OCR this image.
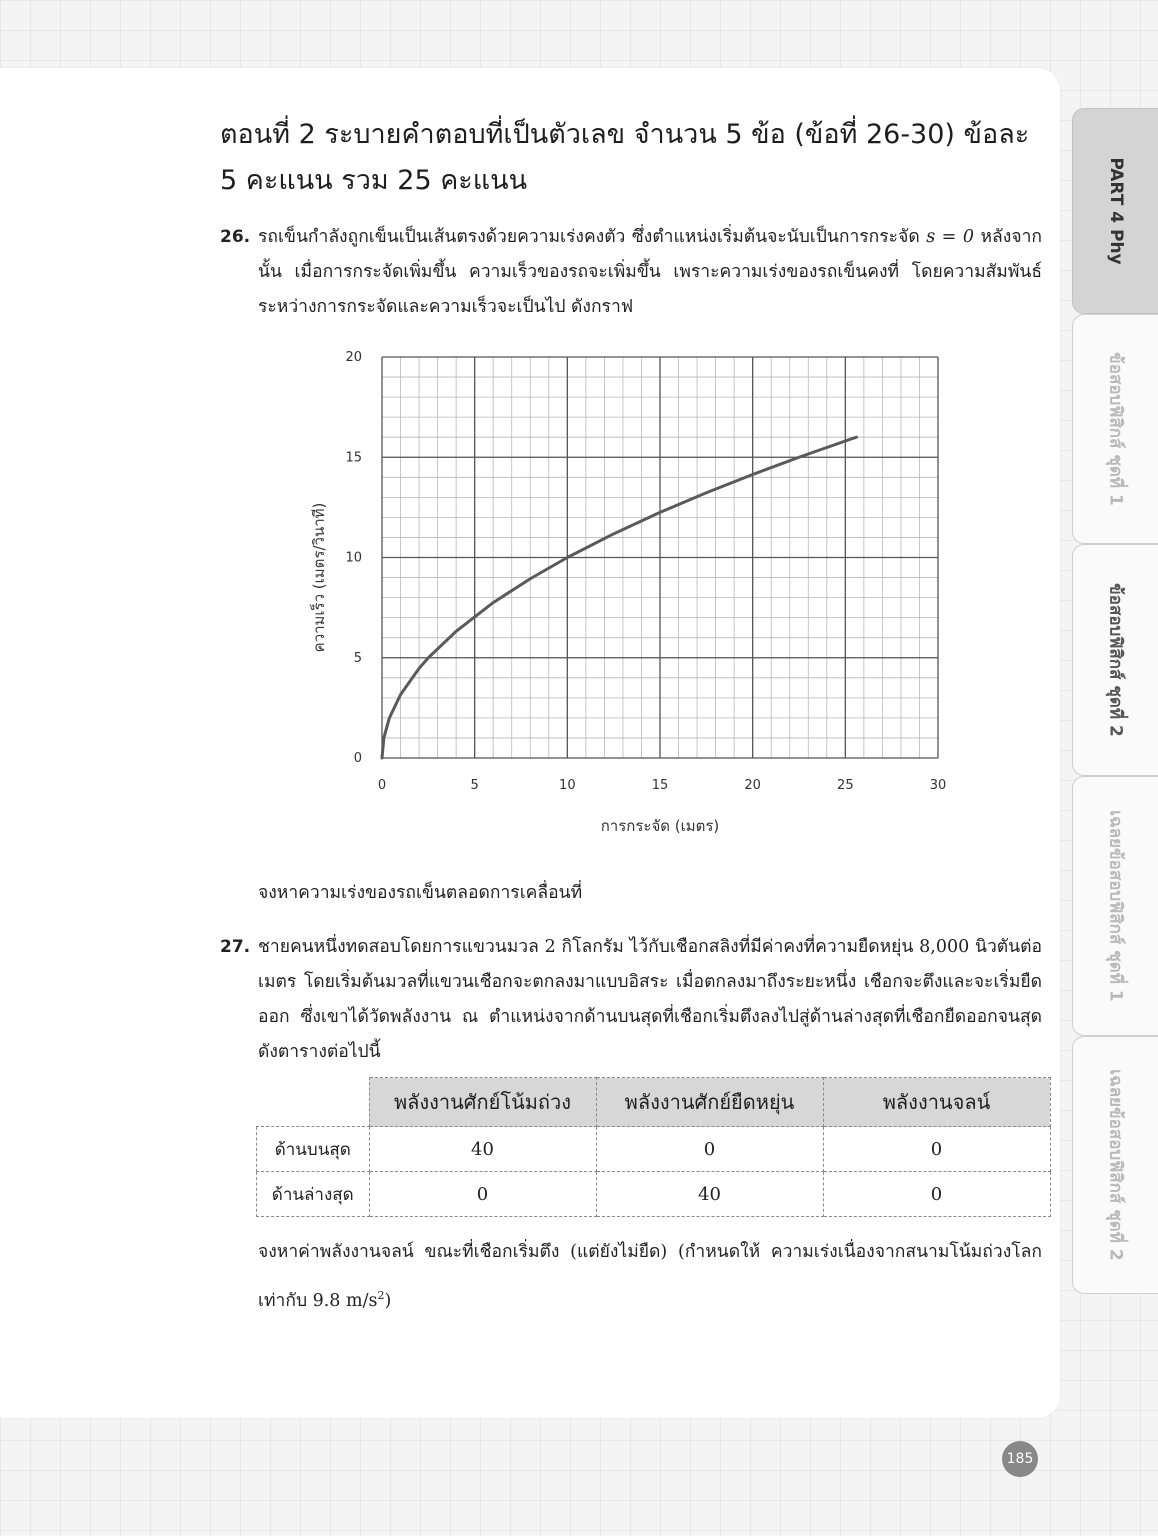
ตอนที่ 2 ระบายคำตอบที่เป็นตัวเลข จำนวน 5 ข้อ (ข้อที่ 26-30) ข้อละ 5 คะแนน รวม 25 คะแนน
26. รถเข็นกำลังถูกเข็นเป็นเส้นตรงด้วยความเร่งคงตัว ซึ่งตำแหน่งเริ่มต้นจะนับเป็นการกระจัด s = 0 หลังจากนั้น เมื่อการกระจัดเพิ่มขึ้น ความเร็วของรถจะเพิ่มขึ้น เพราะความเร่งของรถเข็นคงที่ โดยความสัมพันธ์ระหว่างการกระจัดและความเร็วจะเป็นไป ดังกราฟ

0	5	10	15	20	25	30
0
5
10
15
20
การกระจัด (เมตร)
ความเร็ว (เมตร/วินาที)
จงหาความเร่งของรถเข็นตลอดการเคลื่อนที่
27. ชายคนหนึ่งทดสอบโดยการแขวนมวล 2 กิโลกรัม ไว้กับเชือกสลิงที่มีค่าคงที่ความยืดหยุ่น 8,000 นิวตันต่อเมตร โดยเริ่มต้นมวลที่แขวนเชือกจะตกลงมาแบบอิสระ เมื่อตกลงมาถึงระยะหนึ่ง เชือกจะตึงและจะเริ่มยืดออก ซึ่งเขาได้วัดพลังงาน ณ ตำแหน่งจากด้านบนสุดที่เชือกเริ่มตึงลงไปสู่ด้านล่างสุดที่เชือกยืดออกจนสุด ดังตารางต่อไปนี้

	พลังงานศักย์โน้มถ่วง	พลังงานศักย์ยืดหยุ่น	พลังงานจลน์
ด้านบนสุด	40	0	0
ด้านล่างสุด	0	40	0
จงหาค่าพลังงานจลน์ ขณะที่เชือกเริ่มตึง (แต่ยังไม่ยืด) (กำหนดให้ ความเร่งเนื่องจากสนามโน้มถ่วงโลกเท่ากับ 9.8 $m/s^2$)
PART 4 Phy
ข้อสอบฟิสิกส์ ชุดที่ 1
ข้อสอบฟิสิกส์ ชุดที่ 2
เฉลยข้อสอบฟิสิกส์ ชุดที่ 1
เฉลยข้อสอบฟิสิกส์ ชุดที่ 2
185
